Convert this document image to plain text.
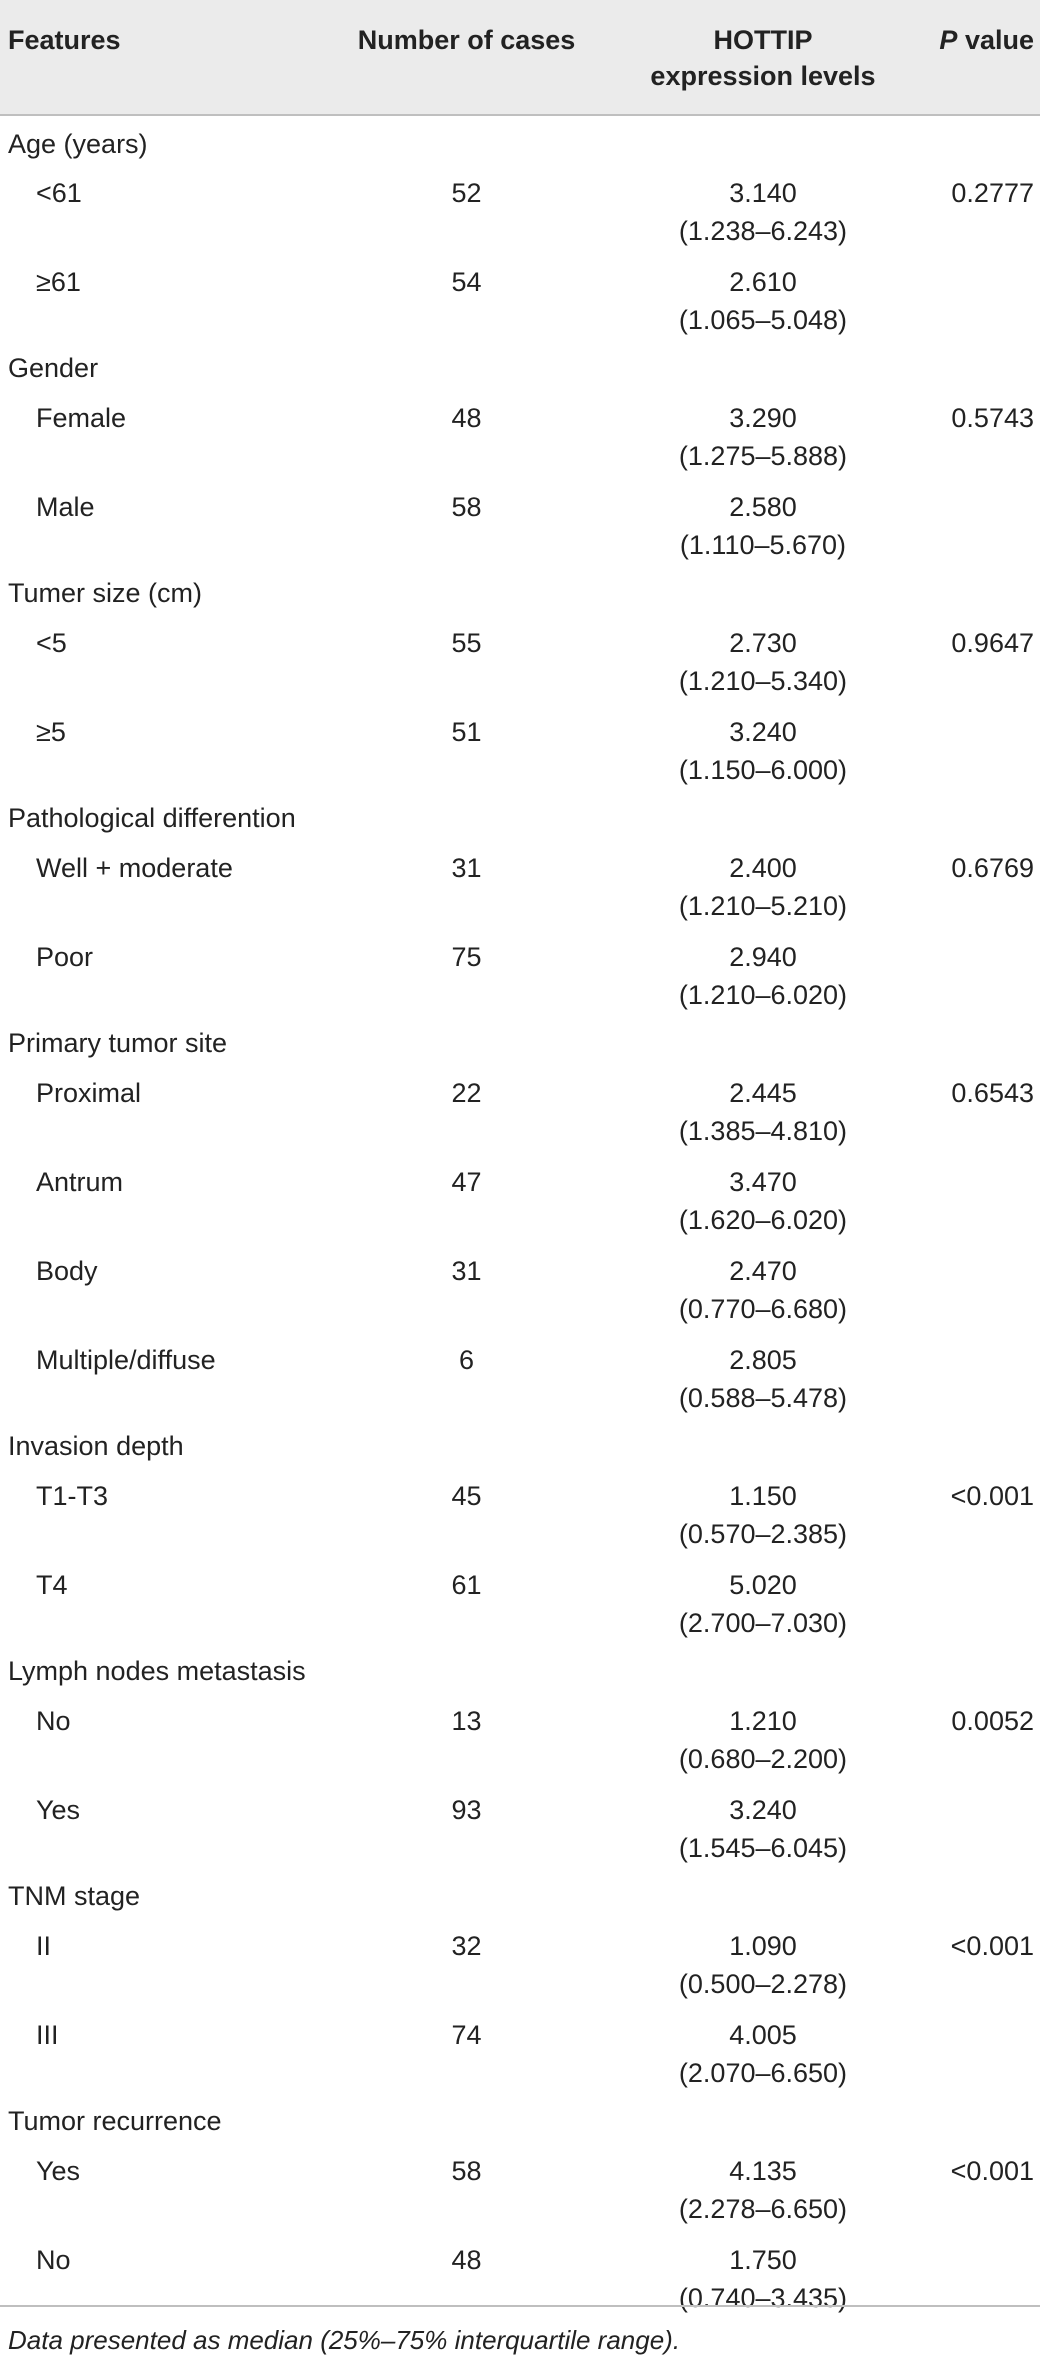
Features	Number of cases	HOTTIP
expression levels	P value
Age (years)			
<61	52	3.140
(1.238–6.243)	0.2777
≥61	54	2.610
(1.065–5.048)	
Gender			
Female	48	3.290
(1.275–5.888)	0.5743
Male	58	2.580
(1.110–5.670)	
Tumer size (cm)			
<5	55	2.730
(1.210–5.340)	0.9647
≥5	51	3.240
(1.150–6.000)	
Pathological differention			
Well + moderate	31	2.400
(1.210–5.210)	0.6769
Poor	75	2.940
(1.210–6.020)	
Primary tumor site			
Proximal	22	2.445
(1.385–4.810)	0.6543
Antrum	47	3.470
(1.620–6.020)	
Body	31	2.470
(0.770–6.680)	
Multiple/diffuse	6	2.805
(0.588–5.478)	
Invasion depth			
T1-T3	45	1.150
(0.570–2.385)	<0.001
T4	61	5.020
(2.700–7.030)	
Lymph nodes metastasis			
No	13	1.210
(0.680–2.200)	0.0052
Yes	93	3.240
(1.545–6.045)	
TNM stage			
II	32	1.090
(0.500–2.278)	<0.001
III	74	4.005
(2.070–6.650)	
Tumor recurrence			
Yes	58	4.135
(2.278–6.650)	<0.001
No	48	1.750
(0.740–3.435)	
Data presented as median (25%–75% interquartile range).
